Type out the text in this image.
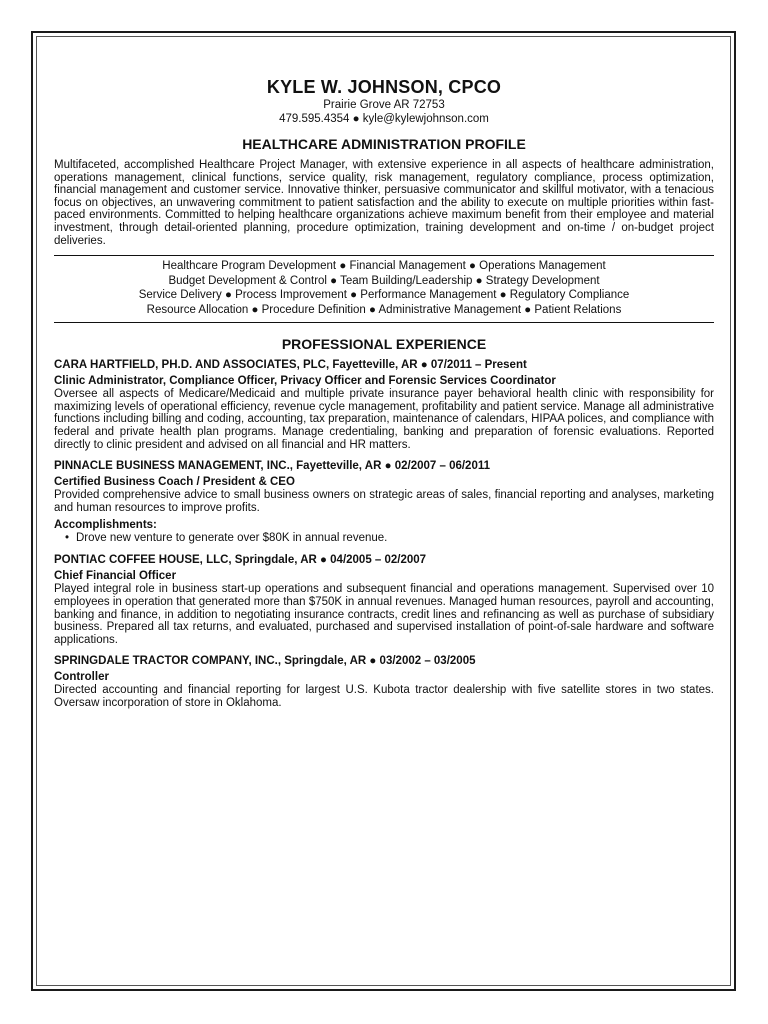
KYLE W. JOHNSON, CPCO
Prairie Grove AR 72753
479.595.4354 ● kyle@kylewjohnson.com
HEALTHCARE ADMINISTRATION PROFILE

Multifaceted, accomplished Healthcare Project Manager, with extensive experience in all aspects of healthcare administration, operations management, clinical functions, service quality, risk management, regulatory compliance, process optimization, financial management and customer service. Innovative thinker, persuasive communicator and skillful motivator, with a tenacious focus on objectives, an unwavering commitment to patient satisfaction and the ability to execute on multiple priorities within fast-paced environments. Committed to helping healthcare organizations achieve maximum benefit from their employee and material investment, through detail-oriented planning, procedure optimization, training development and on-time / on-budget project deliveries.

Healthcare Program Development ● Financial Management ● Operations Management
Budget Development & Control ● Team Building/Leadership ● Strategy Development
Service Delivery ● Process Improvement ● Performance Management ● Regulatory Compliance
Resource Allocation ● Procedure Definition ● Administrative Management ● Patient Relations
PROFESSIONAL EXPERIENCE
CARA HARTFIELD, PH.D. AND ASSOCIATES, PLC, Fayetteville, AR ● 07/2011 – Present
Clinic Administrator, Compliance Officer, Privacy Officer and Forensic Services Coordinator

Oversee all aspects of Medicare/Medicaid and multiple private insurance payer behavioral health clinic with responsibility for maximizing levels of operational efficiency, revenue cycle management, profitability and patient service. Manage all administrative functions including billing and coding, accounting, tax preparation, maintenance of calendars, HIPAA polices, and compliance with federal and private health plan programs. Manage credentialing, banking and preparation of forensic evaluations. Reported directly to clinic president and advised on all financial and HR matters.

PINNACLE BUSINESS MANAGEMENT, INC., Fayetteville, AR ● 02/2007 – 06/2011
Certified Business Coach / President & CEO

Provided comprehensive advice to small business owners on strategic areas of sales, financial reporting and analyses, marketing and human resources to improve profits.

Accomplishments:
• Drove new venture to generate over $80K in annual revenue.
PONTIAC COFFEE HOUSE, LLC, Springdale, AR ● 04/2005 – 02/2007
Chief Financial Officer

Played integral role in business start-up operations and subsequent financial and operations management. Supervised over 10 employees in operation that generated more than $750K in annual revenues. Managed human resources, payroll and accounting, banking and finance, in addition to negotiating insurance contracts, credit lines and refinancing as well as purchase of subsidiary business. Prepared all tax returns, and evaluated, purchased and supervised installation of point-of-sale hardware and software applications.

SPRINGDALE TRACTOR COMPANY, INC., Springdale, AR ● 03/2002 – 03/2005
Controller

Directed accounting and financial reporting for largest U.S. Kubota tractor dealership with five satellite stores in two states. Oversaw incorporation of store in Oklahoma.
